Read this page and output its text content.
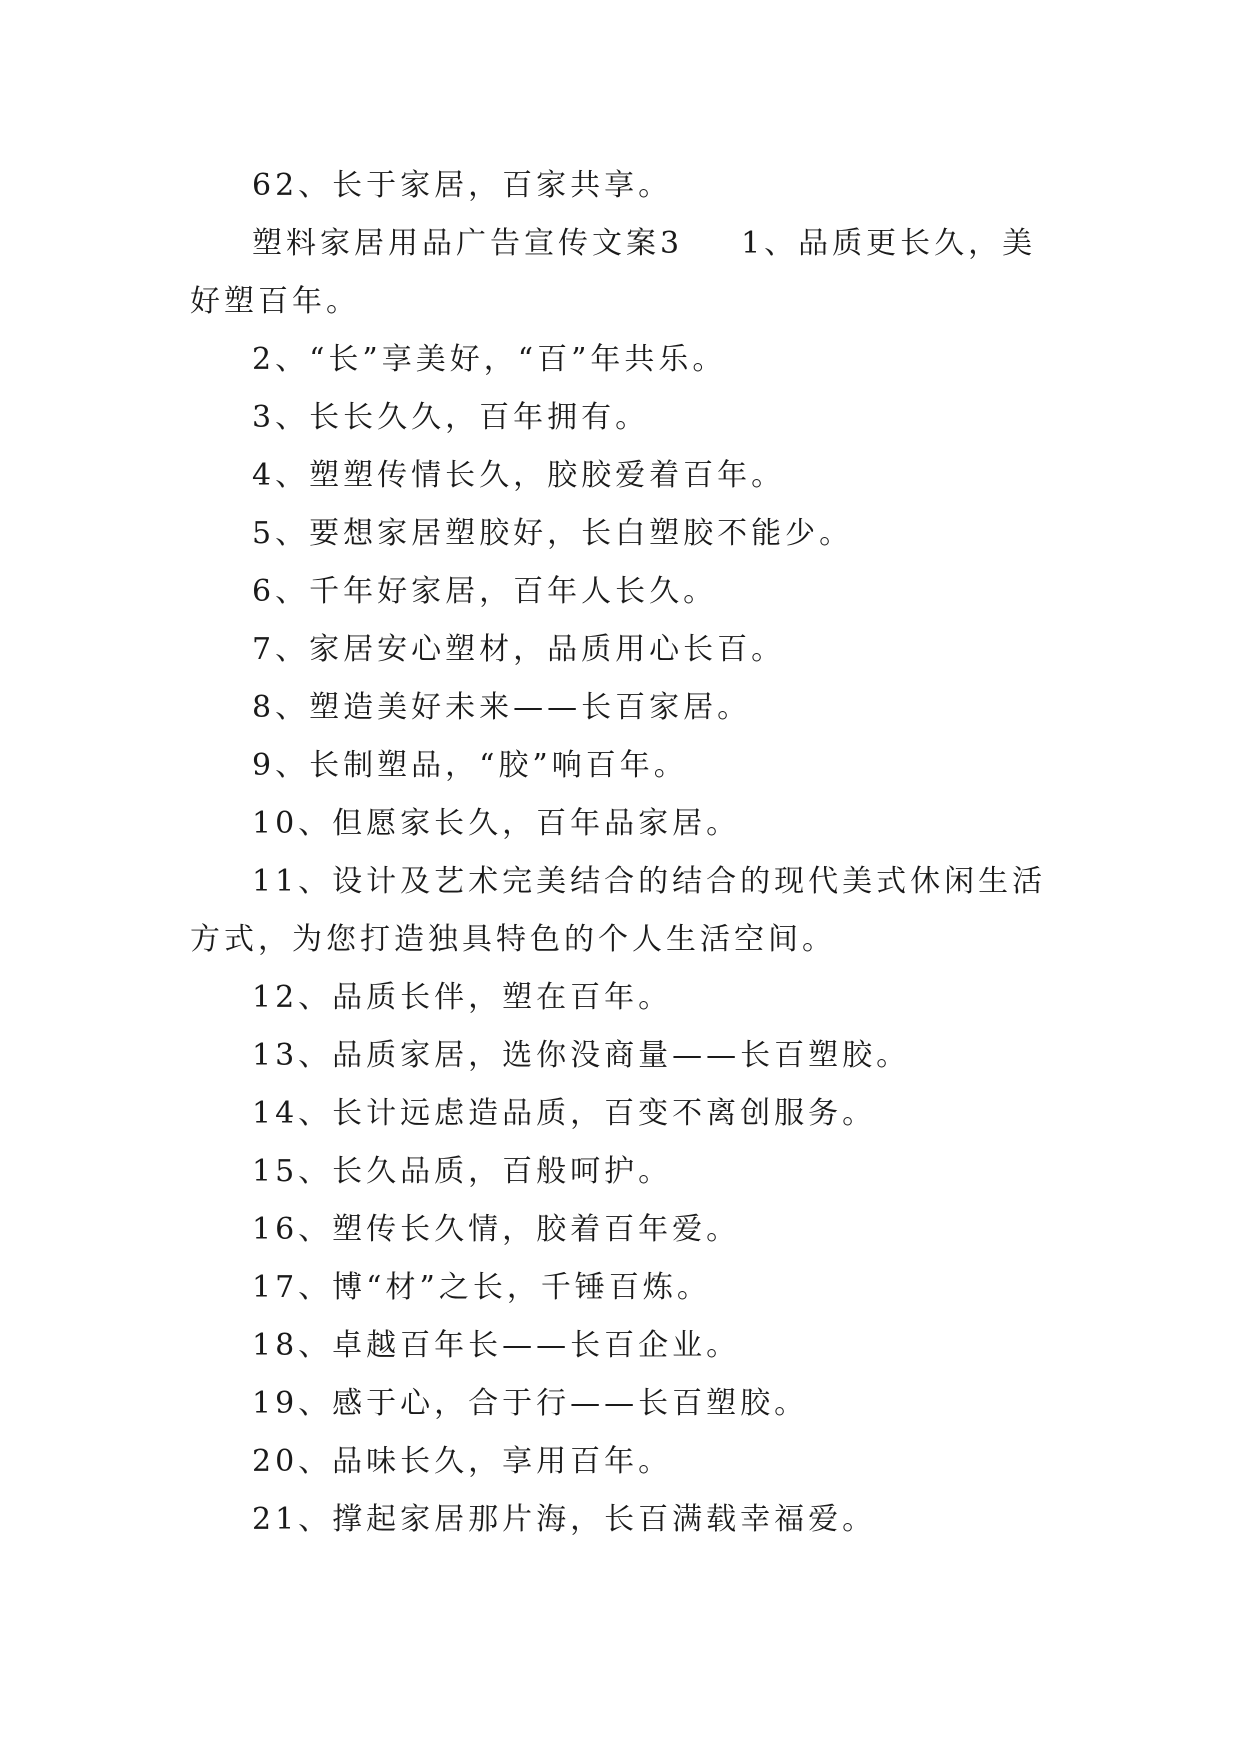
62、长于家居，百家共享。

塑料家居用品广告宣传文案3 1、品质更长久，美好塑百年。

2、“长”享美好，“百”年共乐。

3、长长久久，百年拥有。

4、塑塑传情长久，胶胶爱着百年。

5、要想家居塑胶好，长白塑胶不能少。

6、千年好家居，百年人长久。

7、家居安心塑材，品质用心长百。

8、塑造美好未来——长百家居。

9、长制塑品，“胶”响百年。

10、但愿家长久，百年品家居。

11、设计及艺术完美结合的结合的现代美式休闲生活方式，为您打造独具特色的个人生活空间。

12、品质长伴，塑在百年。

13、品质家居，选你没商量——长百塑胶。

14、长计远虑造品质，百变不离创服务。

15、长久品质，百般呵护。

16、塑传长久情，胶着百年爱。

17、博“材”之长，千锤百炼。

18、卓越百年长——长百企业。

19、感于心，合于行——长百塑胶。

20、品味长久，享用百年。

21、撑起家居那片海，长百满载幸福爱。
